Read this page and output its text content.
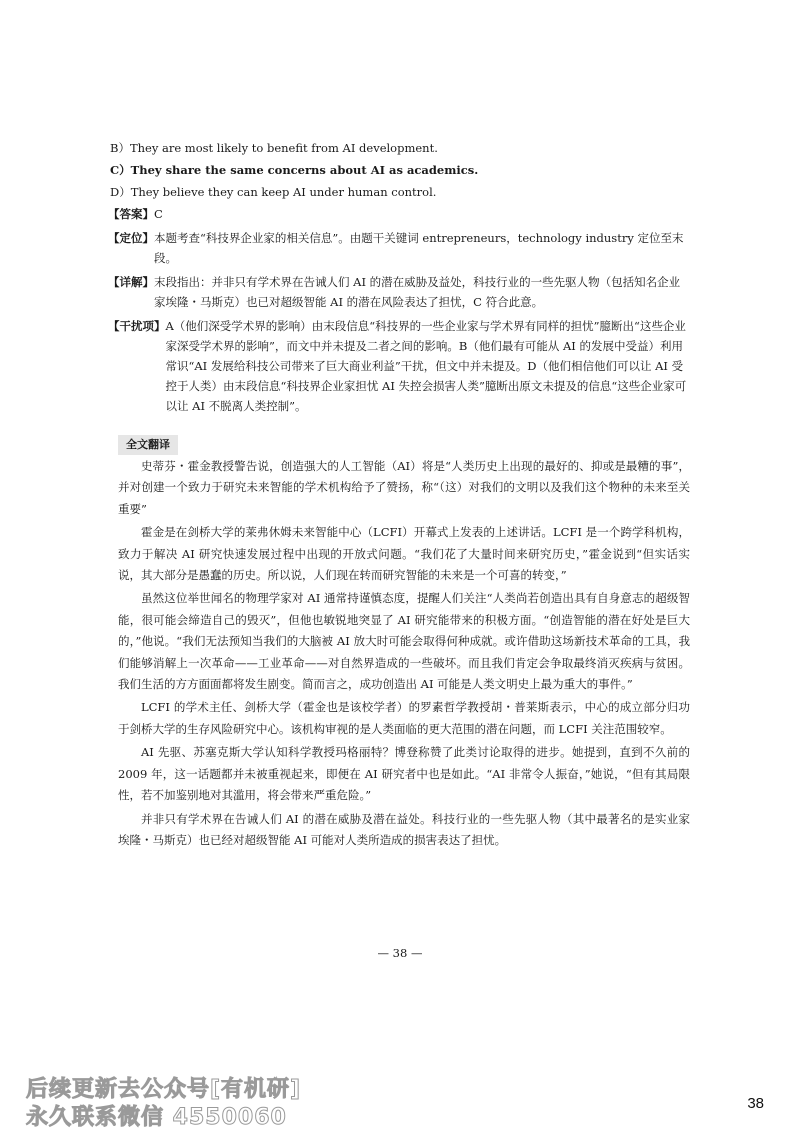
B）They are most likely to benefit from AI development.
C）They share the same concerns about AI as academics.
D）They believe they can keep AI under human control.
【答案】 C
【定位】 本题考查“科技界企业家的相关信息”。由题干关键词 entrepreneurs，technology industry 定位至末段。
【详解】 末段指出：并非只有学术界在告诫人们 AI 的潜在威胁及益处，科技行业的一些先驱人物（包括知名企业家埃隆・马斯克）也已对超级智能 AI 的潜在风险表达了担忧，C 符合此意。
【干扰项】 A（他们深受学术界的影响）由末段信息“科技界的一些企业家与学术界有同样的担忧”臆断出“这些企业家深受学术界的影响”，而文中并未提及二者之间的影响。B（他们最有可能从 AI 的发展中受益）利用常识“AI 发展给科技公司带来了巨大商业利益”干扰，但文中并未提及。D（他们相信他们可以让 AI 受控于人类）由末段信息“科技界企业家担忧 AI 失控会损害人类”臆断出原文未提及的信息“这些企业家可以让 AI 不脱离人类控制”。
全文翻译

史蒂芬・霍金教授警告说，创造强大的人工智能（AI）将是“人类历史上出现的最好的、抑或是最糟的事”，并对创建一个致力于研究未来智能的学术机构给予了赞扬，称“（这）对我们的文明以及我们这个物种的未来至关重要”

霍金是在剑桥大学的莱弗休姆未来智能中心（LCFI）开幕式上发表的上述讲话。LCFI 是一个跨学科机构，致力于解决 AI 研究快速发展过程中出现的开放式问题。“我们花了大量时间来研究历史，”霍金说到“但实话实说，其大部分是愚蠢的历史。所以说，人们现在转而研究智能的未来是一个可喜的转变，”

虽然这位举世闻名的物理学家对 AI 通常持谨慎态度，提醒人们关注“人类尚若创造出具有自身意志的超级智能，很可能会缔造自己的毁灭”，但他也敏锐地突显了 AI 研究能带来的积极方面。“创造智能的潜在好处是巨大的，”他说。“我们无法预知当我们的大脑被 AI 放大时可能会取得何种成就。或许借助这场新技术革命的工具，我们能够消解上一次革命——工业革命——对自然界造成的一些破坏。而且我们肯定会争取最终消灭疾病与贫困。我们生活的方方面面都将发生剧变。简而言之，成功创造出 AI 可能是人类文明史上最为重大的事件。”

LCFI 的学术主任、剑桥大学（霍金也是该校学者）的罗素哲学教授胡・普莱斯表示，中心的成立部分归功于剑桥大学的生存风险研究中心。该机构审视的是人类面临的更大范围的潜在问题，而 LCFI 关注范围较窄。

AI 先驱、苏塞克斯大学认知科学教授玛格丽特？博登称赞了此类讨论取得的进步。她提到，直到不久前的 2009 年，这一话题都并未被重视起来，即便在 AI 研究者中也是如此。“AI 非常令人振奋，”她说，“但有其局限性，若不加鉴别地对其滥用，将会带来严重危险。”

并非只有学术界在告诫人们 AI 的潜在威胁及潜在益处。科技行业的一些先驱人物（其中最著名的是实业家埃隆・马斯克）也已经对超级智能 AI 可能对人类所造成的损害表达了担忧。

— 38 —
后续更新去公众号[有机研]
永久联系微信 4550060
38
